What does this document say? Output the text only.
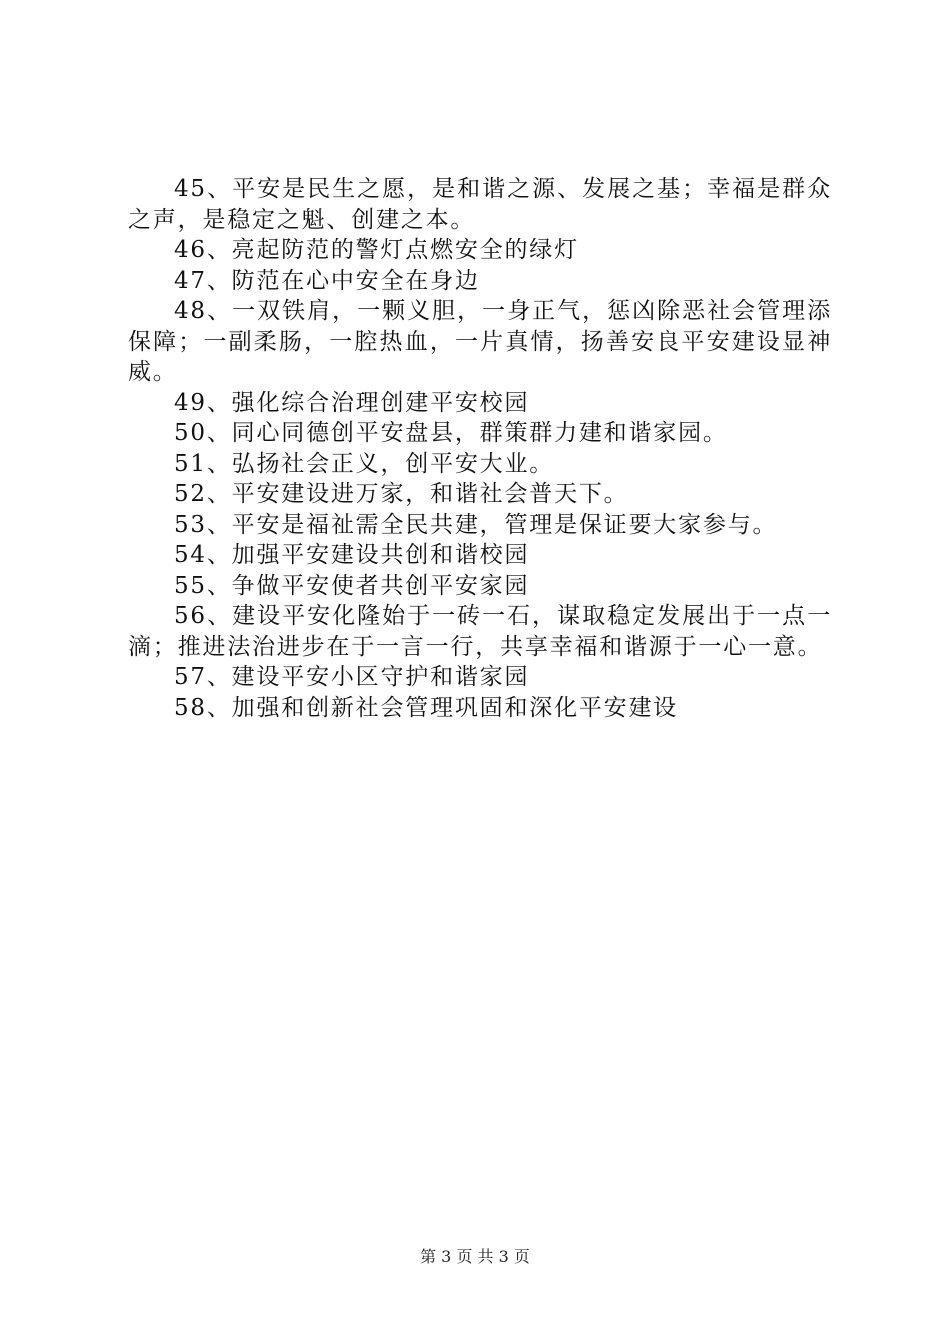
45、平安是民生之愿，是和谐之源、发展之基；幸福是群众之声，是稳定之魁、创建之本。

46、亮起防范的警灯点燃安全的绿灯

47、防范在心中安全在身边

48、一双铁肩，一颗义胆，一身正气，惩凶除恶社会管理添保障；一副柔肠，一腔热血，一片真情，扬善安良平安建设显神威。

49、强化综合治理创建平安校园

50、同心同德创平安盘县，群策群力建和谐家园。

51、弘扬社会正义，创平安大业。

52、平安建设进万家，和谐社会普天下。

53、平安是福祉需全民共建，管理是保证要大家参与。

54、加强平安建设共创和谐校园

55、争做平安使者共创平安家园

56、建设平安化隆始于一砖一石，谋取稳定发展出于一点一滴；推进法治进步在于一言一行，共享幸福和谐源于一心一意。

57、建设平安小区守护和谐家园

58、加强和创新社会管理巩固和深化平安建设

第 3 页 共 3 页
